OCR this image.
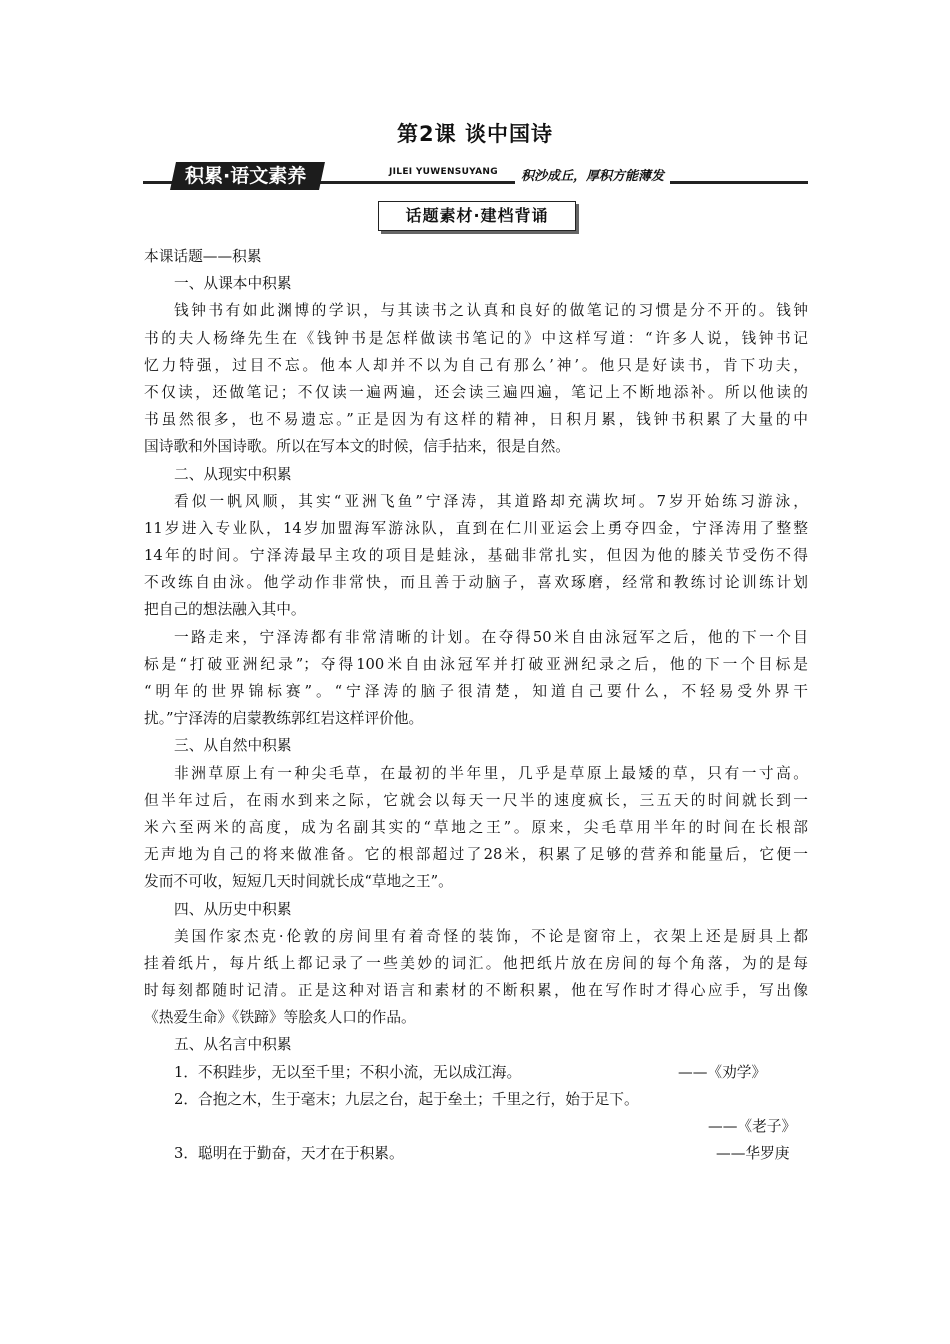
第2课 谈中国诗
积累·语文素养	JILEI YUWENSUYANG	积沙成丘，厚积方能薄发
话题素材·建档背诵
本课话题——积累
一、从课本中积累
钱钟书有如此渊博的学识，与其读书之认真和良好的做笔记的习惯是分不开的。钱钟
书的夫人杨绛先生在《钱钟书是怎样做读书笔记的》中这样写道：“许多人说，钱钟书记
忆力特强，过目不忘。他本人却并不以为自己有那么’神’。他只是好读书，肯下功夫，
不仅读，还做笔记；不仅读一遍两遍，还会读三遍四遍，笔记上不断地添补。所以他读的
书虽然很多，也不易遗忘。”正是因为有这样的精神，日积月累，钱钟书积累了大量的中
国诗歌和外国诗歌。所以在写本文的时候，信手拈来，很是自然。
二、从现实中积累
看似一帆风顺，其实“亚洲飞鱼”宁泽涛，其道路却充满坎坷。7岁开始练习游泳，
11岁进入专业队，14岁加盟海军游泳队，直到在仁川亚运会上勇夺四金，宁泽涛用了整整
14年的时间。宁泽涛最早主攻的项目是蛙泳，基础非常扎实，但因为他的膝关节受伤不得
不改练自由泳。他学动作非常快，而且善于动脑子，喜欢琢磨，经常和教练讨论训练计划
把自己的想法融入其中。
一路走来，宁泽涛都有非常清晰的计划。在夺得50米自由泳冠军之后，他的下一个目
标是“打破亚洲纪录”；夺得100米自由泳冠军并打破亚洲纪录之后，他的下一个目标是
“明年的世界锦标赛”。“宁泽涛的脑子很清楚，知道自己要什么，不轻易受外界干
扰。”宁泽涛的启蒙教练郭红岩这样评价他。
三、从自然中积累
非洲草原上有一种尖毛草，在最初的半年里，几乎是草原上最矮的草，只有一寸高。
但半年过后，在雨水到来之际，它就会以每天一尺半的速度疯长，三五天的时间就长到一
米六至两米的高度，成为名副其实的“草地之王”。原来，尖毛草用半年的时间在长根部
无声地为自己的将来做准备。它的根部超过了28米，积累了足够的营养和能量后，它便一
发而不可收，短短几天时间就长成“草地之王”。
四、从历史中积累
美国作家杰克·伦敦的房间里有着奇怪的装饰，不论是窗帘上，衣架上还是厨具上都
挂着纸片，每片纸上都记录了一些美妙的词汇。他把纸片放在房间的每个角落，为的是每
时每刻都随时记清。正是这种对语言和素材的不断积累，他在写作时才得心应手，写出像
《热爱生命》《铁蹄》等脍炙人口的作品。
五、从名言中积累
1．不积跬步，无以至千里；不积小流，无以成江海。	——《劝学》
2．合抱之木，生于毫末；九层之台，起于垒土；千里之行，始于足下。
——《老子》
3．聪明在于勤奋，天才在于积累。	——华罗庚
